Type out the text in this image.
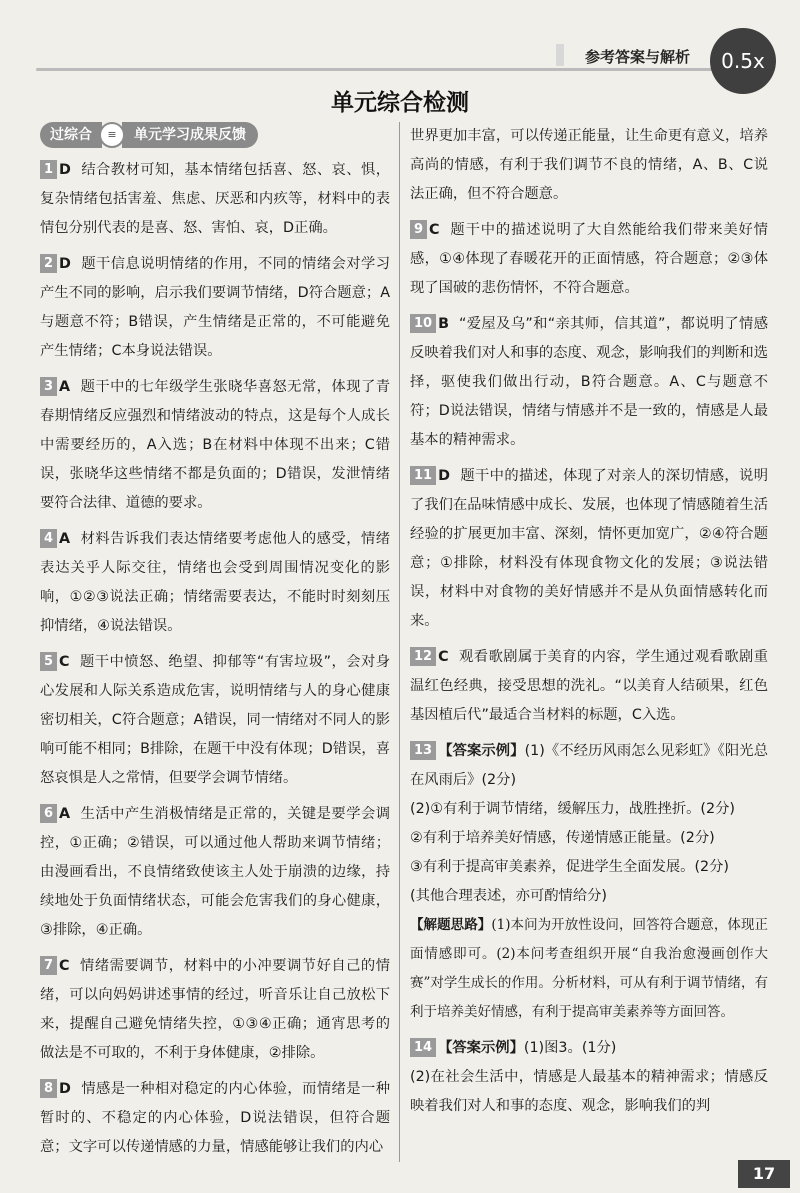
参考答案与解析	0.5x
单元综合检测
过综合	≡	单元学习成果反馈
1 D 结合教材可知，基本情绪包括喜、怒、哀、惧，复杂情绪包括害羞、焦虑、厌恶和内疚等，材料中的表情包分别代表的是喜、怒、害怕、哀，D正确。
2 D 题干信息说明情绪的作用，不同的情绪会对学习产生不同的影响，启示我们要调节情绪，D符合题意；A与题意不符；B错误，产生情绪是正常的，不可能避免产生情绪；C本身说法错误。
3 A 题干中的七年级学生张晓华喜怒无常，体现了青春期情绪反应强烈和情绪波动的特点，这是每个人成长中需要经历的，A入选；B在材料中体现不出来；C错误，张晓华这些情绪不都是负面的；D错误，发泄情绪要符合法律、道德的要求。
4 A 材料告诉我们表达情绪要考虑他人的感受，情绪表达关乎人际交往，情绪也会受到周围情况变化的影响，①②③说法正确；情绪需要表达，不能时时刻刻压抑情绪，④说法错误。
5 C 题干中愤怒、绝望、抑郁等“有害垃圾”，会对身心发展和人际关系造成危害，说明情绪与人的身心健康密切相关，C符合题意；A错误，同一情绪对不同人的影响可能不相同；B排除，在题干中没有体现；D错误，喜怒哀惧是人之常情，但要学会调节情绪。
6 A 生活中产生消极情绪是正常的，关键是要学会调控，①正确；②错误，可以通过他人帮助来调节情绪；由漫画看出，不良情绪致使该主人处于崩溃的边缘，持续地处于负面情绪状态，可能会危害我们的身心健康，③排除，④正确。
7 C 情绪需要调节，材料中的小冲要调节好自己的情绪，可以向妈妈讲述事情的经过，听音乐让自己放松下来，提醒自己避免情绪失控，①③④正确；通宵思考的做法是不可取的，不利于身体健康，②排除。
8 D 情感是一种相对稳定的内心体验，而情绪是一种暂时的、不稳定的内心体验，D说法错误，但符合题意；文字可以传递情感的力量，情感能够让我们的内心
世界更加丰富，可以传递正能量，让生命更有意义，培养高尚的情感，有利于我们调节不良的情绪，A、B、C说法正确，但不符合题意。
9 C 题干中的描述说明了大自然能给我们带来美好情感，①④体现了春暖花开的正面情感，符合题意；②③体现了国破的悲伤情怀，不符合题意。
10 B “爱屋及乌”和“亲其师，信其道”，都说明了情感反映着我们对人和事的态度、观念，影响我们的判断和选择，驱使我们做出行动，B符合题意。A、C与题意不符；D说法错误，情绪与情感并不是一致的，情感是人最基本的精神需求。
11 D 题干中的描述，体现了对亲人的深切情感，说明了我们在品味情感中成长、发展，也体现了情感随着生活经验的扩展更加丰富、深刻，情怀更加宽广，②④符合题意；①排除，材料没有体现食物文化的发展；③说法错误，材料中对食物的美好情感并不是从负面情感转化而来。
12 C 观看歌剧属于美育的内容，学生通过观看歌剧重温红色经典，接受思想的洗礼。“以美育人结硕果，红色基因植后代”最适合当材料的标题，C入选。
13 【答案示例】(1)《不经历风雨怎么见彩虹》《阳光总在风雨后》(2分)
(2)①有利于调节情绪，缓解压力，战胜挫折。(2分)
②有利于培养美好情感，传递情感正能量。(2分)
③有利于提高审美素养，促进学生全面发展。(2分)
(其他合理表述，亦可酌情给分)
【解题思路】(1)本问为开放性设问，回答符合题意，体现正面情感即可。(2)本问考查组织开展“自我治愈漫画创作大赛”对学生成长的作用。分析材料，可从有利于调节情绪，有利于培养美好情感，有利于提高审美素养等方面回答。
14 【答案示例】(1)图3。(1分)
(2)在社会生活中，情感是人最基本的精神需求；情感反映着我们对人和事的态度、观念，影响我们的判
17
